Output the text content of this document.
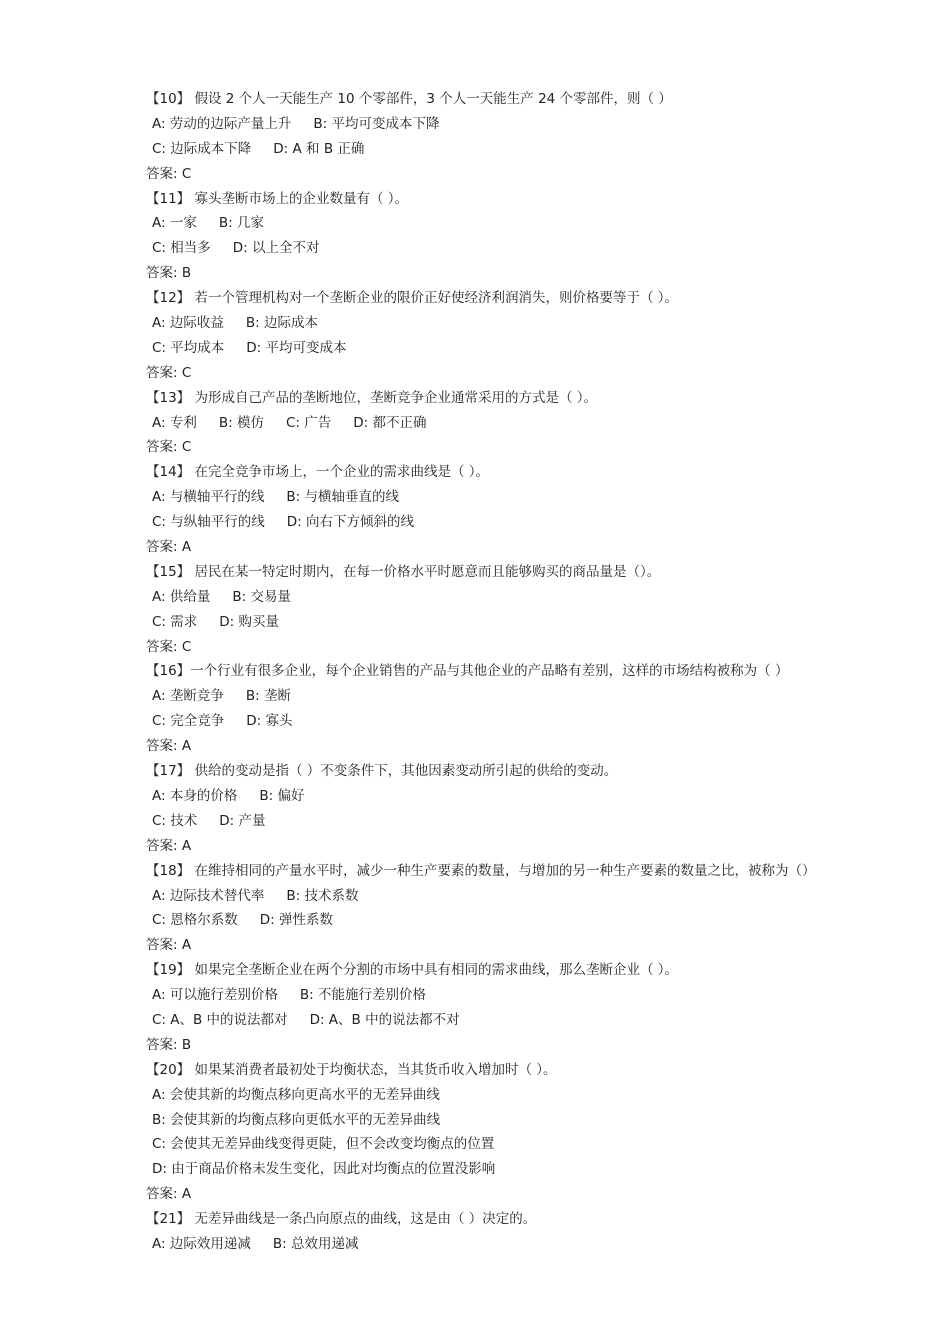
【10】 假设 2 个人一天能生产 10 个零部件，3 个人一天能生产 24 个零部件，则（ ）
A: 劳动的边际产量上升 B: 平均可变成本下降
C: 边际成本下降 D: A 和 B 正确
答案: C
【11】 寡头垄断市场上的企业数量有（ ）。
A: 一家 B: 几家
C: 相当多 D: 以上全不对
答案: B
【12】 若一个管理机构对一个垄断企业的限价正好使经济利润消失，则价格要等于（ ）。
A: 边际收益 B: 边际成本
C: 平均成本 D: 平均可变成本
答案: C
【13】 为形成自己产品的垄断地位，垄断竞争企业通常采用的方式是（ ）。
A: 专利 B: 模仿 C: 广告 D: 都不正确
答案: C
【14】 在完全竞争市场上，一个企业的需求曲线是（ ）。
A: 与横轴平行的线 B: 与横轴垂直的线
C: 与纵轴平行的线 D: 向右下方倾斜的线
答案: A
【15】 居民在某一特定时期内，在每一价格水平时愿意而且能够购买的商品量是（）。
A: 供给量 B: 交易量
C: 需求 D: 购买量
答案: C
【16】一个行业有很多企业，每个企业销售的产品与其他企业的产品略有差别，这样的市场结构被称为（ ）
A: 垄断竞争 B: 垄断
C: 完全竞争 D: 寡头
答案: A
【17】 供给的变动是指（ ）不变条件下，其他因素变动所引起的供给的变动。
A: 本身的价格 B: 偏好
C: 技术 D: 产量
答案: A
【18】 在维持相同的产量水平时，减少一种生产要素的数量，与增加的另一种生产要素的数量之比，被称为（）
A: 边际技术替代率 B: 技术系数
C: 恩格尔系数 D: 弹性系数
答案: A
【19】 如果完全垄断企业在两个分割的市场中具有相同的需求曲线，那么垄断企业（ ）。
A: 可以施行差别价格 B: 不能施行差别价格
C: A、B 中的说法都对 D: A、B 中的说法都不对
答案: B
【20】 如果某消费者最初处于均衡状态，当其货币收入增加时（ ）。
A: 会使其新的均衡点移向更高水平的无差异曲线
B: 会使其新的均衡点移向更低水平的无差异曲线
C: 会使其无差异曲线变得更陡，但不会改变均衡点的位置
D: 由于商品价格未发生变化，因此对均衡点的位置没影响
答案: A
【21】 无差异曲线是一条凸向原点的曲线，这是由（ ）决定的。
A: 边际效用递减 B: 总效用递减
